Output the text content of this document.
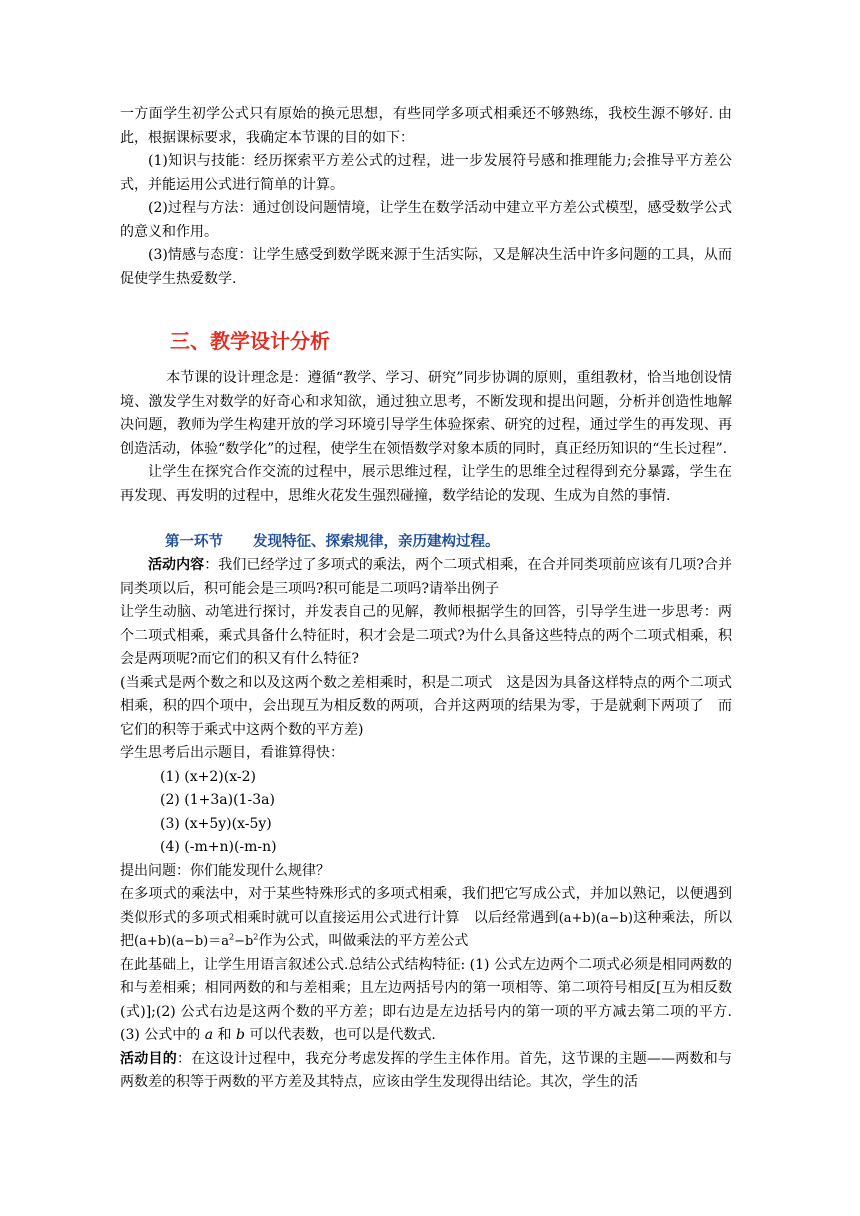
一方面学生初学公式只有原始的换元思想，有些同学多项式相乘还不够熟练，我校生源不够好. 由此，根据课标要求，我确定本节课的目的如下：

(1)知识与技能：经历探索平方差公式的过程，进一步发展符号感和推理能力;会推导平方差公式，并能运用公式进行简单的计算。

(2)过程与方法：通过创设问题情境，让学生在数学活动中建立平方差公式模型，感受数学公式的意义和作用。

(3)情感与态度：让学生感受到数学既来源于生活实际，又是解决生活中许多问题的工具，从而促使学生热爱数学.

三、教学设计分析

本节课的设计理念是：遵循“教学、学习、研究”同步协调的原则，重组教材，恰当地创设情境、激发学生对数学的好奇心和求知欲，通过独立思考，不断发现和提出问题，分析并创造性地解决问题，教师为学生构建开放的学习环境引导学生体验探索、研究的过程，通过学生的再发现、再创造活动，体验“数学化”的过程，使学生在领悟数学对象本质的同时，真正经历知识的“生长过程”.

让学生在探究合作交流的过程中，展示思维过程，让学生的思维全过程得到充分暴露，学生在再发现、再发明的过程中，思维火花发生强烈碰撞，数学结论的发现、生成为自然的事情.

第一环节 发现特征、探索规律，亲历建构过程。

活动内容：我们已经学过了多项式的乘法，两个二项式相乘，在合并同类项前应该有几项?合并同类项以后，积可能会是三项吗?积可能是二项吗?请举出例子

让学生动脑、动笔进行探讨，并发表自己的见解，教师根据学生的回答，引导学生进一步思考：两个二项式相乘，乘式具备什么特征时，积才会是二项式?为什么具备这些特点的两个二项式相乘，积会是两项呢?而它们的积又有什么特征?

(当乘式是两个数之和以及这两个数之差相乘时，积是二项式　这是因为具备这样特点的两个二项式相乘，积的四个项中，会出现互为相反数的两项，合并这两项的结果为零，于是就剩下两项了　而它们的积等于乘式中这两个数的平方差)

学生思考后出示题目，看谁算得快：

(1) (x+2)(x-2)

(2) (1+3a)(1-3a)

(3) (x+5y)(x-5y)

(4) (-m+n)(-m-n)

提出问题：你们能发现什么规律？

在多项式的乘法中，对于某些特殊形式的多项式相乘，我们把它写成公式，并加以熟记，以便遇到类似形式的多项式相乘时就可以直接运用公式进行计算　以后经常遇到(a+b)(a−b)这种乘法，所以把$(a+b)(a-b)=a^2-b^2$作为公式，叫做乘法的平方差公式

在此基础上，让学生用语言叙述公式.总结公式结构特征: (1) 公式左边两个二项式必须是相同两数的和与差相乘；相同两数的和与差相乘；且左边两括号内的第一项相等、第二项符号相反[互为相反数(式)];(2) 公式右边是这两个数的平方差；即右边是左边括号内的第一项的平方减去第二项的平方. (3) 公式中的 a 和 b 可以代表数，也可以是代数式.

活动目的：在这设计过程中，我充分考虑发挥的学生主体作用。首先，这节课的主题——两数和与两数差的积等于两数的平方差及其特点，应该由学生发现得出结论。其次，学生的活
